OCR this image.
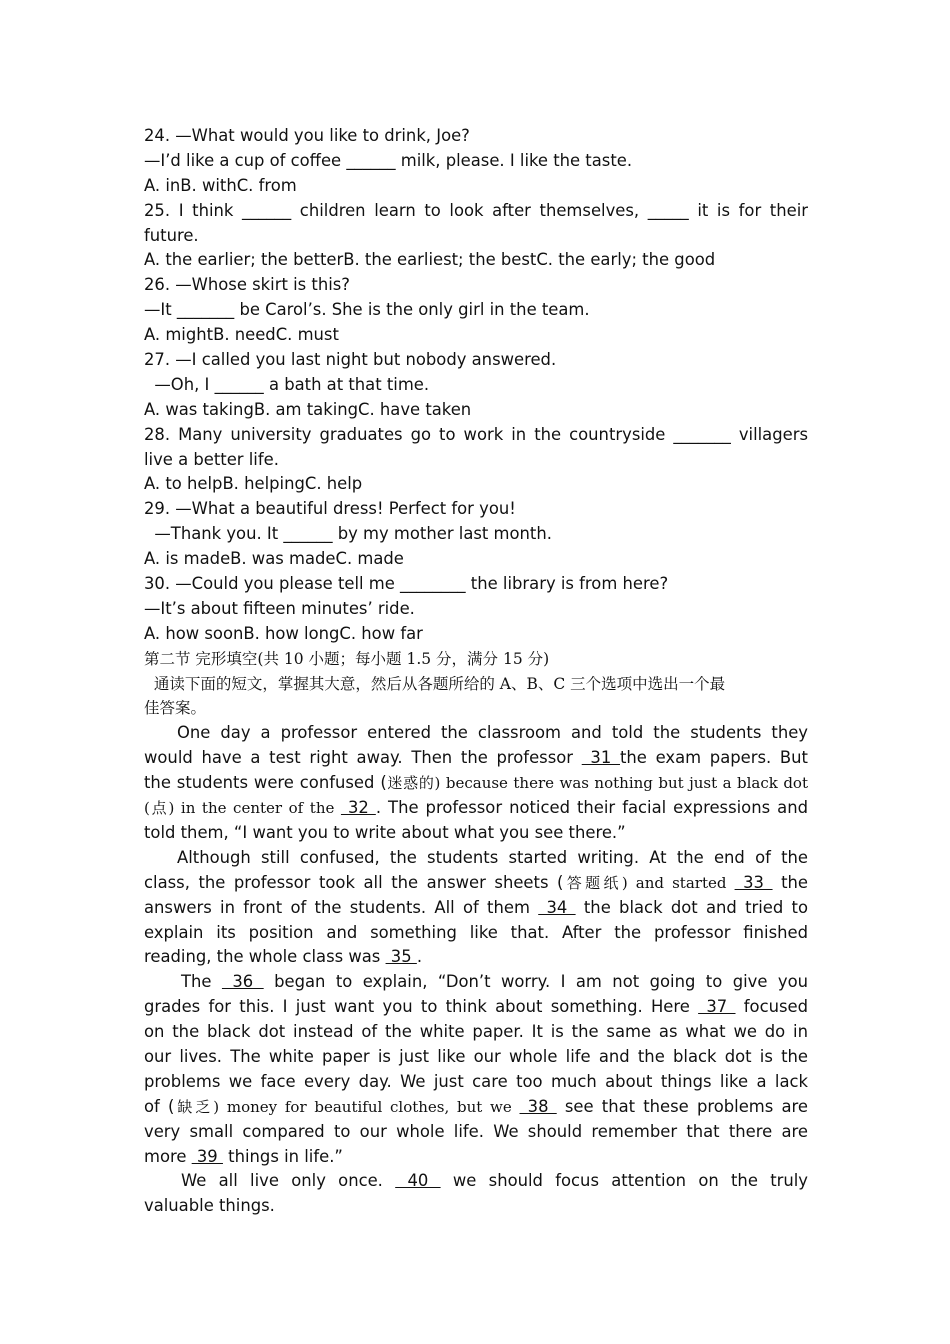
24. —What would you like to drink, Joe?
—I’d like a cup of coffee ______ milk, please. I like the taste.
A. inB. withC. from
25. I think ______ children learn to look after themselves, _____ it is for their
future.
A. the earlier; the betterB. the earliest; the bestC. the early; the good
26. —Whose skirt is this?
—It _______ be Carol’s. She is the only girl in the team.
A. mightB. needC. must
27. —I called you last night but nobody answered.
—Oh, I ______ a bath at that time.
A. was takingB. am takingC. have taken
28. Many university graduates go to work in the countryside _______ villagers
live a better life.
A. to helpB. helpingC. help
29. —What a beautiful dress! Perfect for you!
—Thank you. It ______ by my mother last month.
A. is madeB. was madeC. made
30. —Could you please tell me ________ the library is from here?
—It’s about fifteen minutes’ ride.
A. how soonB. how longC. how far
第二节 完形填空(共 10 小题；每小题 1.5 分，满分 15 分)
通读下面的短文，掌握其大意，然后从各题所给的 A、B、C 三个选项中选出一个最
佳答案。
One day a professor entered the classroom and told the students they
would have a test right away. Then the professor  31 the exam papers. But
the students were confused (迷惑的) because there was nothing but just a black dot
(点) in the center of the  32 . The professor noticed their facial expressions and
told them, “I want you to write about what you see there.”
Although still confused, the students started writing. At the end of the
class, the professor took all the answer sheets (答题纸) and started  33  the
answers in front of the students. All of them  34  the black dot and tried to
explain its position and something like that. After the professor finished
reading, the whole class was  35 .
The  36  began to explain, “Don’t worry. I am not going to give you
grades for this. I just want you to think about something. Here  37  focused
on the black dot instead of the white paper. It is the same as what we do in
our lives. The white paper is just like our whole life and the black dot is the
problems we face every day. We just care too much about things like a lack
of (缺乏) money for beautiful clothes, but we  38  see that these problems are
very small compared to our whole life. We should remember that there are
more  39  things in life.”
We all live only once.  40  we should focus attention on the truly
valuable things.
